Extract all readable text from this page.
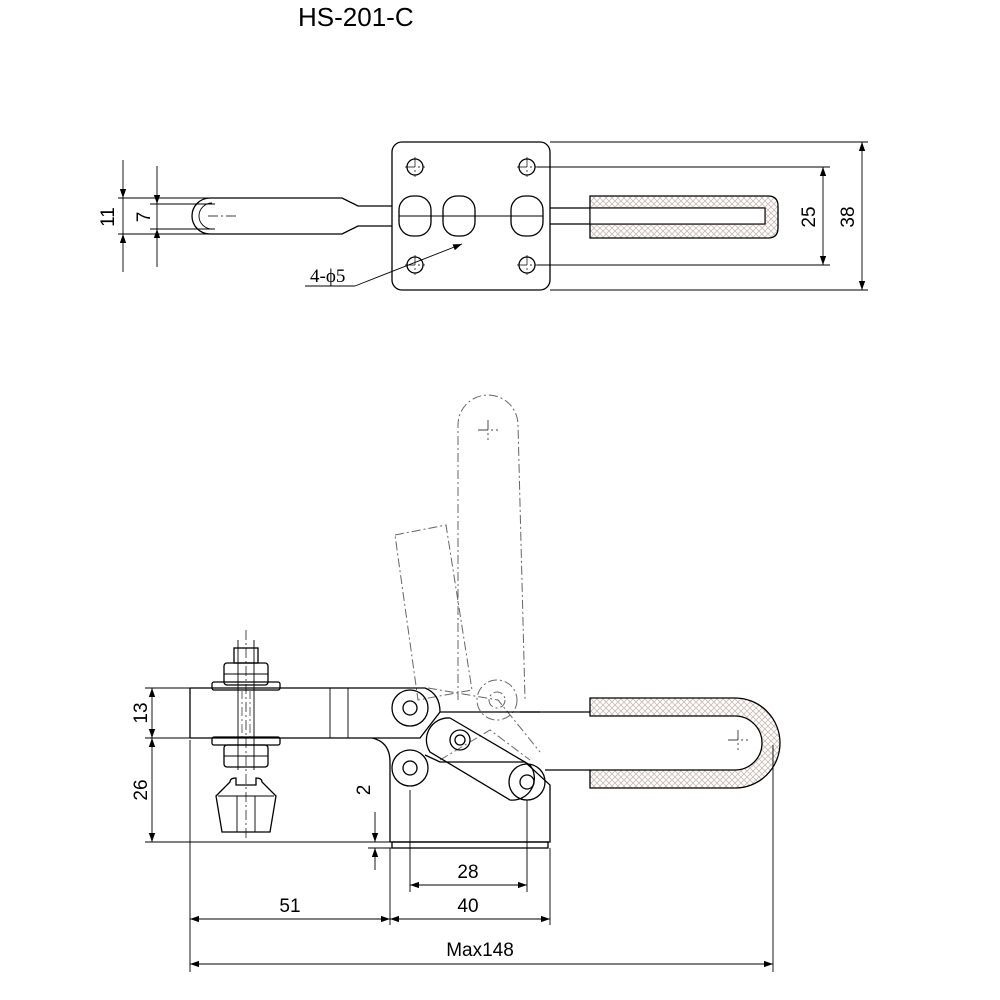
HS-201-C
11 7	25 38
4-ϕ5
13
26	2
28
51	40
Max148
